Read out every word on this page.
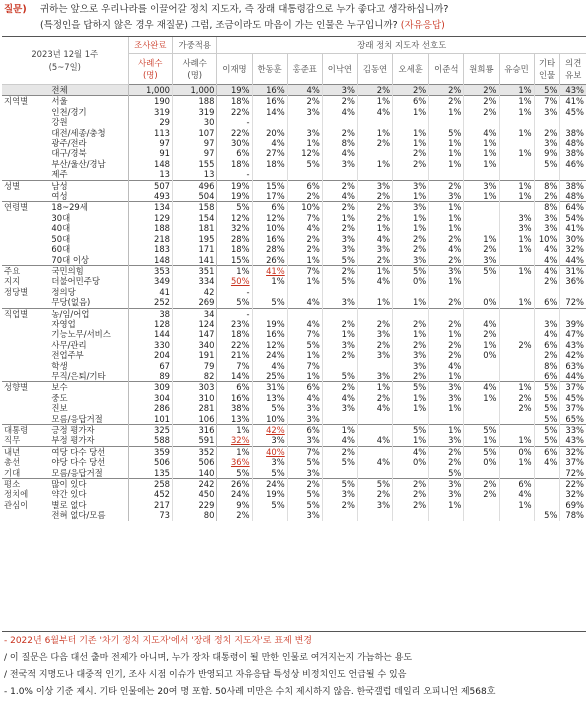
질문) 귀하는 앞으로 우리나라를 이끌어갈 정치 지도자, 즉 장래 대통령감으로 누가 좋다고 생각하십니까?
(특정인을 답하지 않은 경우 재질문) 그럼, 조금이라도 마음이 가는 인물은 누구입니까? (자유응답)
2023년 12월 1주
(5~7일)		조사완료	가중적용	장래 정치 지도자 선호도										
		사례수 (명)	사례수 (명)	이재명	한동훈	홍준표	이낙연	김동연	오세훈	이준석	원희룡	유승민	기타 인물	의견 유보
	전체	1,000	1,000	19%	16%	4%	3%	2%	2%	2%	2%	1%	5%	43%
지역별	서울	190	188	18%	16%	2%	2%	1%	6%	2%	2%	1%	7%	41%
	인천/경기	319	319	22%	14%	3%	4%	4%	1%	1%	2%	1%	3%	45%
	강원	29	30	-										
	대전/세종/충청	113	107	22%	20%	3%	2%	1%	1%	5%	4%	1%	2%	38%
	광주/전라	97	97	30%	4%	1%	8%	2%	1%	1%	1%		3%	48%
	대구/경북	91	97	6%	27%	12%	4%		2%	1%	1%	1%	9%	38%
	부산/울산/경남	148	155	18%	18%	5%	3%	1%	2%	1%	1%		5%	46%
	제주	13	13	-										
성별	남성	507	496	19%	15%	6%	2%	3%	3%	2%	3%	1%	8%	38%
	여성	493	504	19%	17%	2%	4%	2%	1%	3%	1%	1%	2%	48%
연령별	18~29세	134	158	5%	6%	10%	2%	2%	3%	1%			8%	64%
	30대	129	154	12%	12%	7%	1%	2%	1%	1%		3%	3%	54%
	40대	188	181	32%	10%	4%	2%	1%	1%	1%		3%	3%	41%
	50대	218	195	28%	16%	2%	3%	4%	2%	2%	1%	1%	10%	30%
	60대	183	171	18%	28%	2%	3%	3%	2%	4%	2%	1%	4%	32%
	70대 이상	148	141	15%	26%	1%	5%	2%	3%	2%	3%		4%	44%
주요	국민의힘	353	351	1%	41%	7%	2%	1%	5%	3%	5%	1%	4%	31%
지지	더불어민주당	349	334	50%	1%	1%	5%	4%	0%	1%			2%	36%
정당별	정의당	41	42	-										
	무당(없음)	252	269	5%	5%	4%	3%	1%	1%	2%	0%	1%	6%	72%
직업별	농/임/어업	38	34	-										
	자영업	128	124	23%	19%	4%	2%	2%	2%	2%	4%		3%	39%
	기능노무/서비스	144	147	18%	16%	7%	1%	3%	1%	1%	2%		4%	47%
	사무/관리	330	340	22%	12%	5%	3%	2%	2%	2%	1%	2%	6%	43%
	전업주부	204	191	21%	24%	1%	2%	3%	3%	2%	0%		2%	42%
	학생	67	79	7%	4%	7%			3%	4%			8%	63%
	무직/은퇴/기타	89	82	14%	25%	1%	5%	3%	2%	1%			6%	44%
성향별	보수	309	303	6%	31%	6%	2%	1%	5%	3%	4%	1%	5%	37%
	중도	304	310	16%	13%	4%	4%	2%	1%	3%	1%	2%	5%	45%
	진보	286	281	38%	5%	3%	3%	4%	1%	1%		2%	5%	37%
	모름/응답거절	101	106	13%	10%	3%							5%	65%
대통령	긍정 평가자	325	316	1%	42%	6%	1%		5%	1%	5%		5%	33%
직무	부정 평가자	588	591	32%	3%	3%	4%	4%	1%	3%	1%	1%	5%	43%
내년	여당 다수 당선	359	352	1%	40%	7%	2%		4%	2%	5%	0%	6%	32%
총선	야당 다수 당선	506	506	36%	3%	5%	5%	4%	0%	2%	0%	1%	4%	37%
기대	모름/응답거절	135	140	5%	5%	3%				5%				72%
평소	많이 있다	258	242	26%	24%	2%	5%	5%	2%	3%	2%	6%		22%
정치에	약간 있다	452	450	24%	19%	5%	3%	2%	2%	3%	2%	4%		32%
관심이	별로 없다	217	229	9%	5%	5%	2%	3%	2%	1%		1%		69%
	전혀 없다/모름	73	80	2%		3%							5%	78%
- 2022년 6월부터 기존 '차기 정치 지도자'에서 '장래 정치 지도자'로 표제 변경
/ 이 질문은 다음 대선 출마 전제가 아니며, 누가 장차 대통령이 될 만한 인물로 여겨지는지 가늠하는 용도
/ 전국적 지명도나 대중적 인기, 조사 시점 이슈가 반영되고 자유응답 특성상 비정치인도 언급될 수 있음
- 1.0% 이상 기준 제시. 기타 인물에는 20여 명 포함. 50사례 미만은 수치 제시하지 않음. 한국갤럽 데일리 오피니언 제568호
